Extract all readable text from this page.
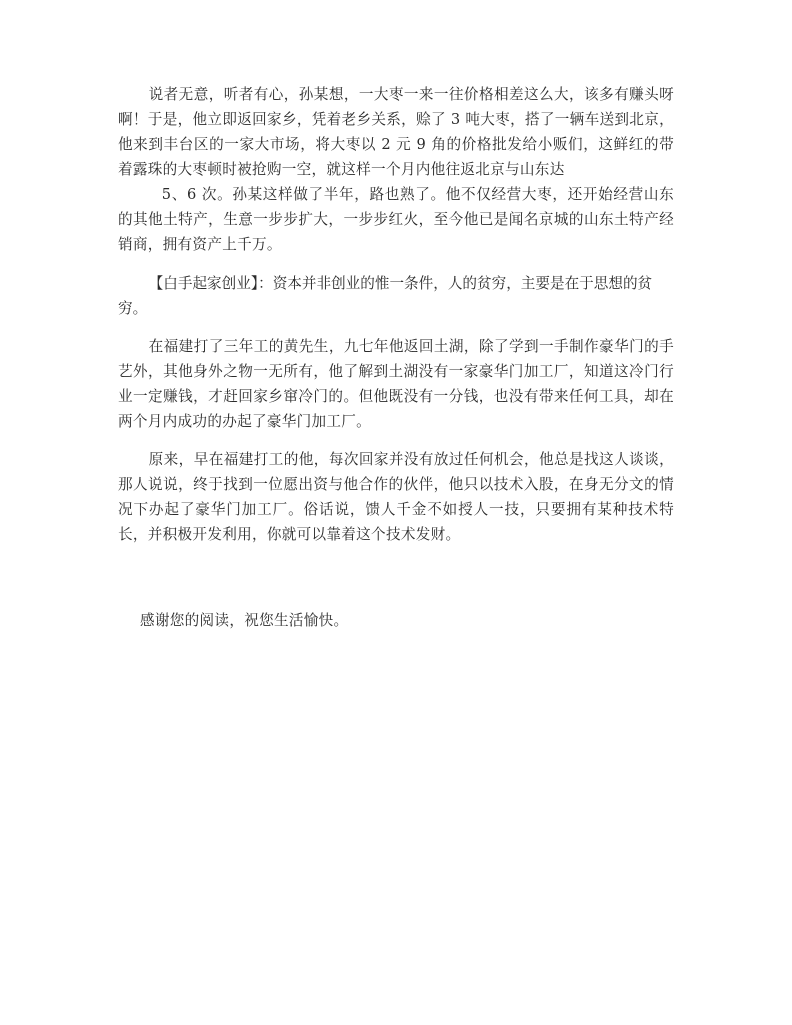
说者无意，听者有心，孙某想，一大枣一来一往价格相差这么大，该多有赚头呀啊！于是，他立即返回家乡，凭着老乡关系，赊了 3 吨大枣，搭了一辆车送到北京，他来到丰台区的一家大市场，将大枣以 2 元 9 角的价格批发给小贩们，这鲜红的带着露珠的大枣顿时被抢购一空，就这样一个月内他往返北京与山东达

5、6 次。孙某这样做了半年，路也熟了。他不仅经营大枣，还开始经营山东的其他土特产，生意一步步扩大，一步步红火，至今他已是闻名京城的山东土特产经销商，拥有资产上千万。

【白手起家创业】：资本并非创业的惟一条件，人的贫穷，主要是在于思想的贫穷。

在福建打了三年工的黄先生，九七年他返回土湖，除了学到一手制作豪华门的手艺外，其他身外之物一无所有，他了解到土湖没有一家豪华门加工厂，知道这冷门行业一定赚钱，才赶回家乡窜冷门的。但他既没有一分钱，也没有带来任何工具，却在两个月内成功的办起了豪华门加工厂。

原来，早在福建打工的他，每次回家并没有放过任何机会，他总是找这人谈谈，那人说说，终于找到一位愿出资与他合作的伙伴，他只以技术入股，在身无分文的情况下办起了豪华门加工厂。俗话说，馈人千金不如授人一技，只要拥有某种技术特长，并积极开发利用，你就可以靠着这个技术发财。

感谢您的阅读，祝您生活愉快。
